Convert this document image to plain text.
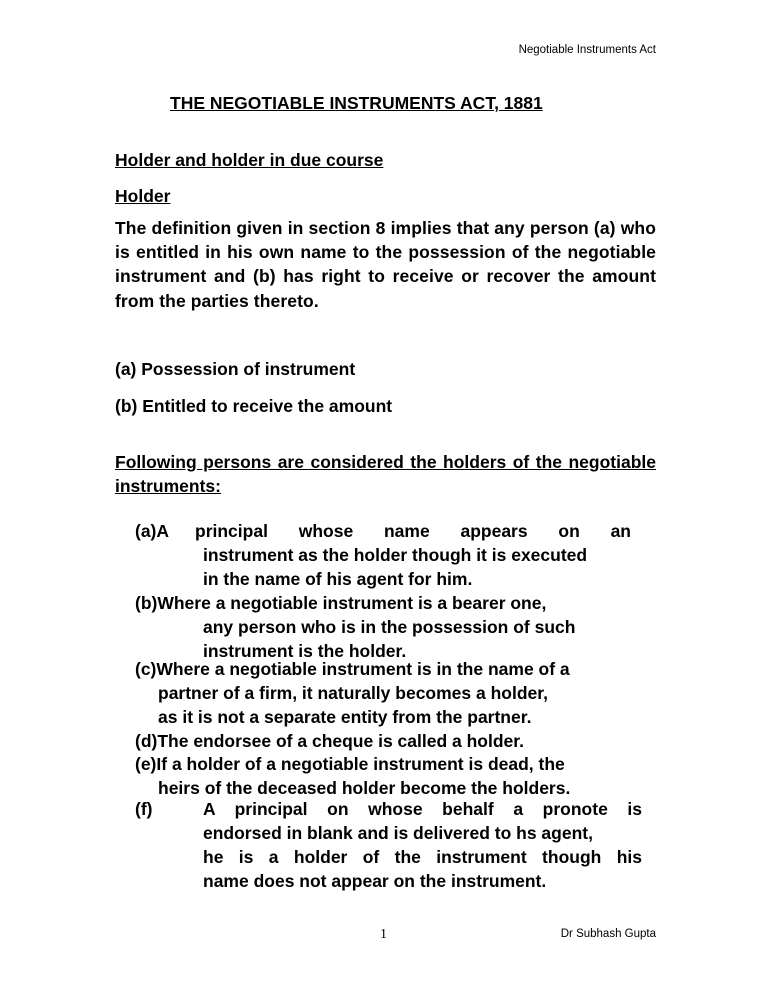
Negotiable Instruments Act
THE NEGOTIABLE INSTRUMENTS ACT, 1881
Holder and holder in due course
Holder
The definition given in section 8 implies that any person (a) who is entitled in his own name to the possession of the negotiable instrument and (b) has right to receive or recover the amount from the parties thereto.
(a) Possession of instrument
(b) Entitled to receive the amount
Following persons are considered the holders of the negotiable instruments:
(a)A principal whose name appears on an
instrument as the holder though it is executed
in the name of his agent for him.
(b)Where a negotiable instrument is a bearer one,
any person who is in the possession of such
instrument is the holder.
(c)Where a negotiable instrument is in the name of a
partner of a firm, it naturally becomes a holder,
as it is not a separate entity from the partner.
(d)The endorsee of a cheque is called a holder.
(e)If a holder of a negotiable instrument is dead, the
heirs of the deceased holder become the holders.
(f)	A principal on whose behalf a pronote is
endorsed in blank and is delivered to hs agent,
he is a holder of the instrument though his
name does not appear on the instrument.
1	Dr Subhash Gupta
